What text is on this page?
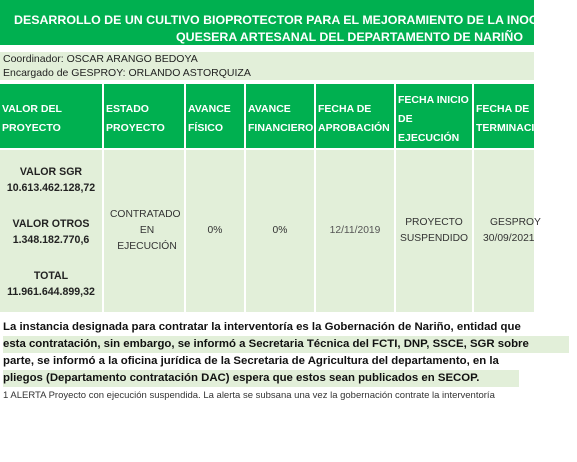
DESARROLLO DE UN CULTIVO BIOPROTECTOR PARA EL MEJORAMIENTO DE LA INOCUIDAD
QUESERA ARTESANAL DEL DEPARTAMENTO DE NARIÑO
Coordinador: OSCAR ARANGO BEDOYA
Encargado de GESPROY: ORLANDO ASTORQUIZA
VALOR DEL
PROYECTO
ESTADO
PROYECTO
AVANCE
FÍSICO
AVANCE
FINANCIERO
FECHA DE
APROBACIÓN
FECHA INICIO
DE
EJECUCIÓN
FECHA DE
TERMINACIÓN
VALOR SGR
10.613.462.128,72
VALOR OTROS
1.348.182.770,6
TOTAL
11.961.644.899,32
CONTRATADO
EN EJECUCIÓN
0%	0%	12/11/2019
PROYECTO
SUSPENDIDO
GESPROY
30/09/2021
La instancia designada para contratar la interventoría es la Gobernación de Nariño, entidad que
esta contratación, sin embargo, se informó a Secretaria Técnica del FCTI, DNP, SSCE, SGR sobre
parte, se informó a la oficina jurídica de la Secretaria de Agricultura del departamento, en la
pliegos (Departamento contratación DAC) espera que estos sean publicados en SECOP.
1 ALERTA Proyecto con ejecución suspendida. La alerta se subsana una vez la gobernación contrate la interventoría
